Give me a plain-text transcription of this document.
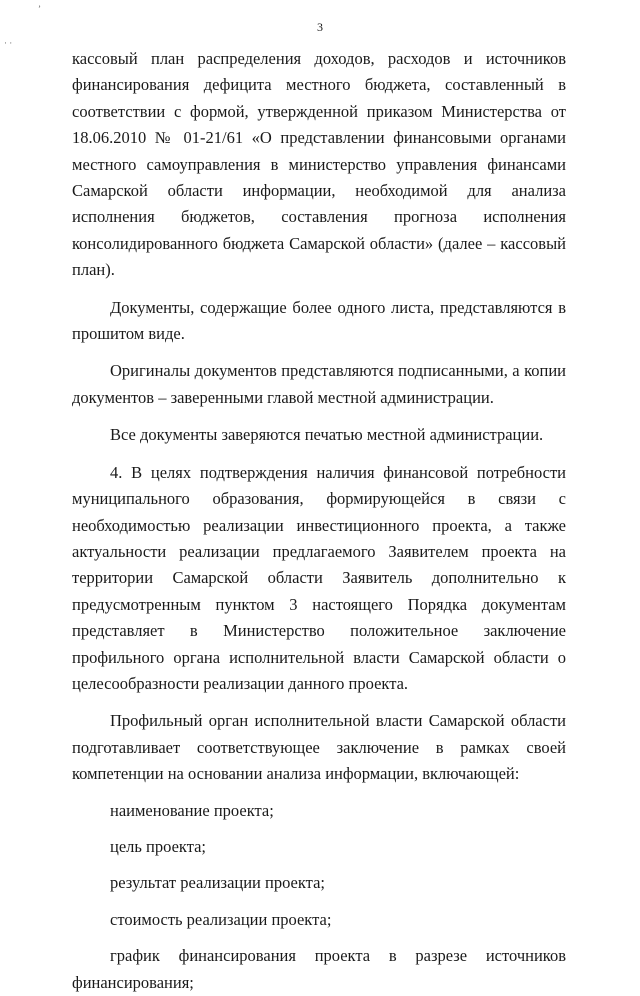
ʼ
· ·
3

кассовый план распределения доходов, расходов и источников финансирования дефицита местного бюджета, составленный в соответствии с формой, утвержденной приказом Министерства от 18.06.2010 № 01-21/61 «О представлении финансовыми органами местного самоуправления в министерство управления финансами Самарской области информации, необходимой для анализа исполнения бюджетов, составления прогноза исполнения консолидированного бюджета Самарской области» (далее – кассовый план).

Документы, содержащие более одного листа, представляются в прошитом виде.

Оригиналы документов представляются подписанными, а копии документов – заверенными главой местной администрации.

Все документы заверяются печатью местной администрации.

4. В целях подтверждения наличия финансовой потребности муниципального образования, формирующейся в связи с необходимостью реализации инвестиционного проекта, а также актуальности реализации предлагаемого Заявителем проекта на территории Самарской области Заявитель дополнительно к предусмотренным пунктом 3 настоящего Порядка документам представляет в Министерство положительное заключение профильного органа исполнительной власти Самарской области о целесообразности реализации данного проекта.

Профильный орган исполнительной власти Самарской области подготавливает соответствующее заключение в рамках своей компетенции на основании анализа информации, включающей:

наименование проекта;

цель проекта;

результат реализации проекта;

стоимость реализации проекта;

график финансирования проекта в разрезе источников финансирования;
